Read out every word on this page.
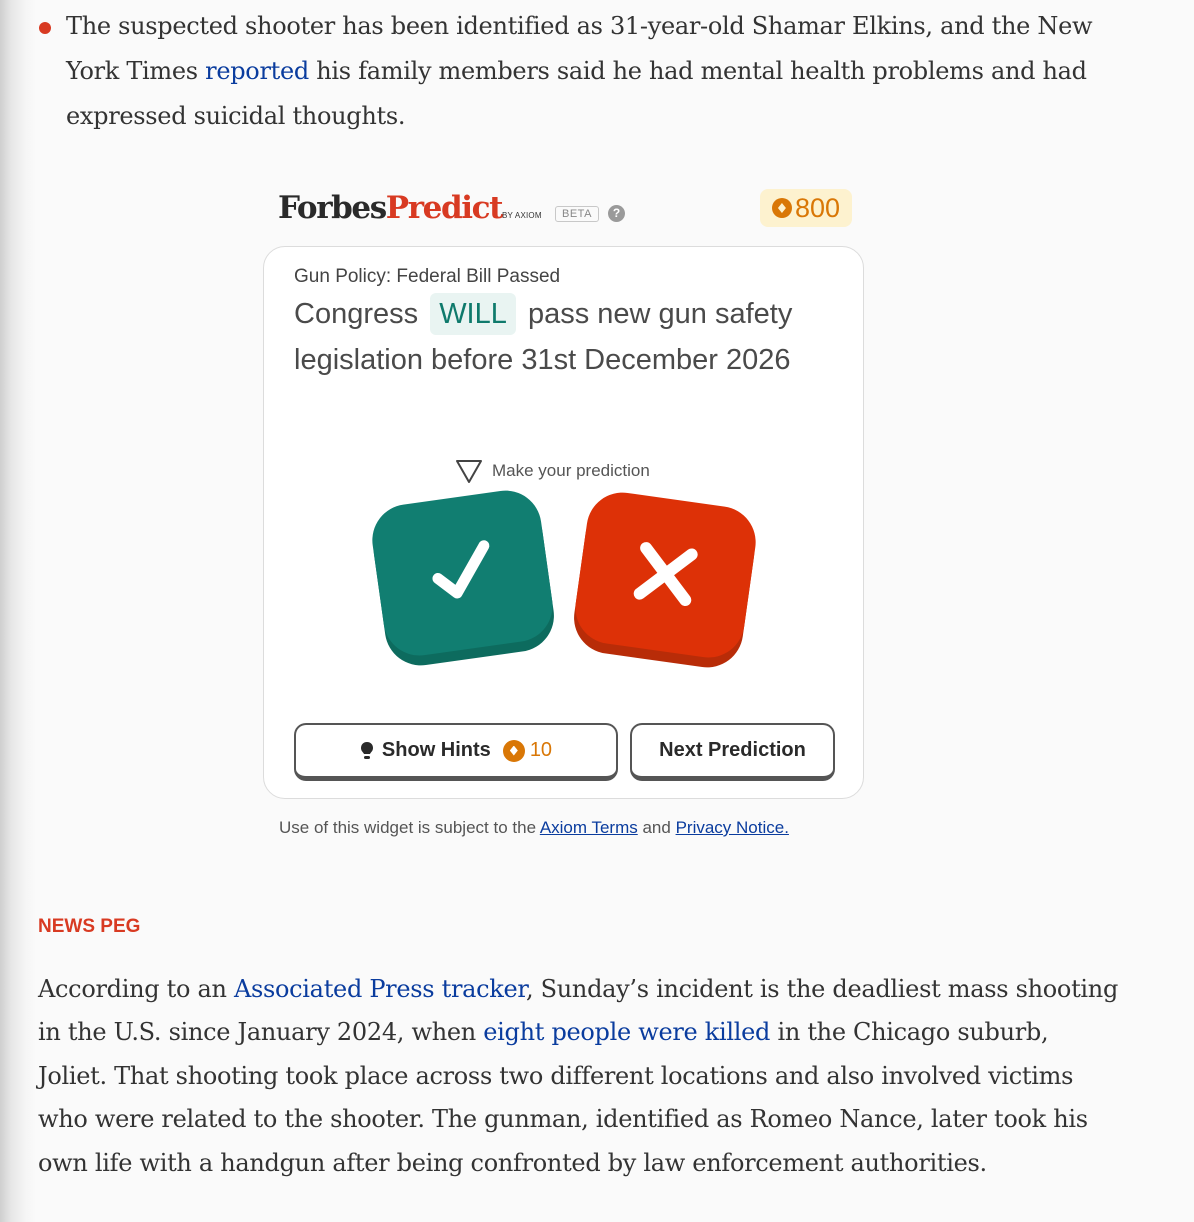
The suspected shooter has been identified as 31-year-old Shamar Elkins, and the New York Times reported his family members said he had mental health problems and had expressed suicidal thoughts.
ForbesPredict BY AXIOM	BETA	?	800
Gun Policy: Federal Bill Passed
Congress WILL pass new gun safety legislation before 31st December 2026
Make your prediction
Show Hints 10	Next Prediction
Use of this widget is subject to the Axiom Terms and Privacy Notice.
NEWS PEG
According to an Associated Press tracker, Sunday’s incident is the deadliest mass shooting in the U.S. since January 2024, when eight people were killed in the Chicago suburb, Joliet. That shooting took place across two different locations and also involved victims who were related to the shooter. The gunman, identified as Romeo Nance, later took his own life with a handgun after being confronted by law enforcement authorities.
